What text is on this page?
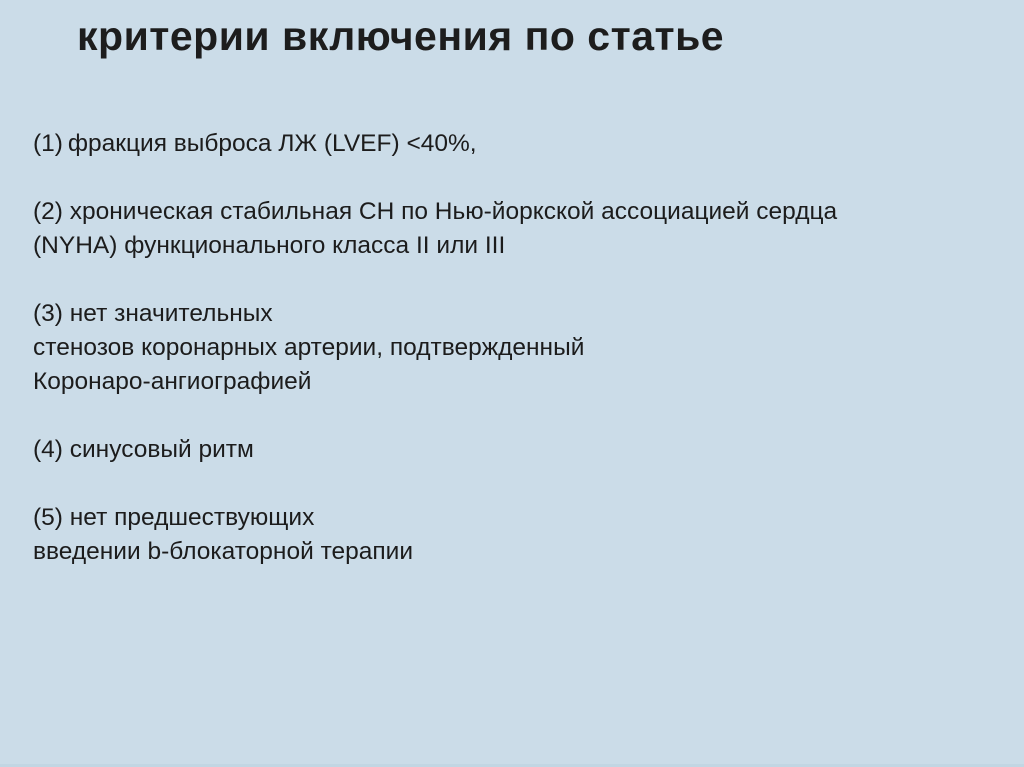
критерии включения по статье
(1) фракция выброса ЛЖ (LVEF) <40%,
(2) хроническая стабильная СН по Нью-йоркской ассоциацией сердца
(NYHA) функционального класса II или III
(3) нет значительных
стенозов коронарных артерии, подтвержденный
Коронаро-ангиографией
(4) синусовый ритм
(5) нет предшествующих
введении b-блокаторной терапии
